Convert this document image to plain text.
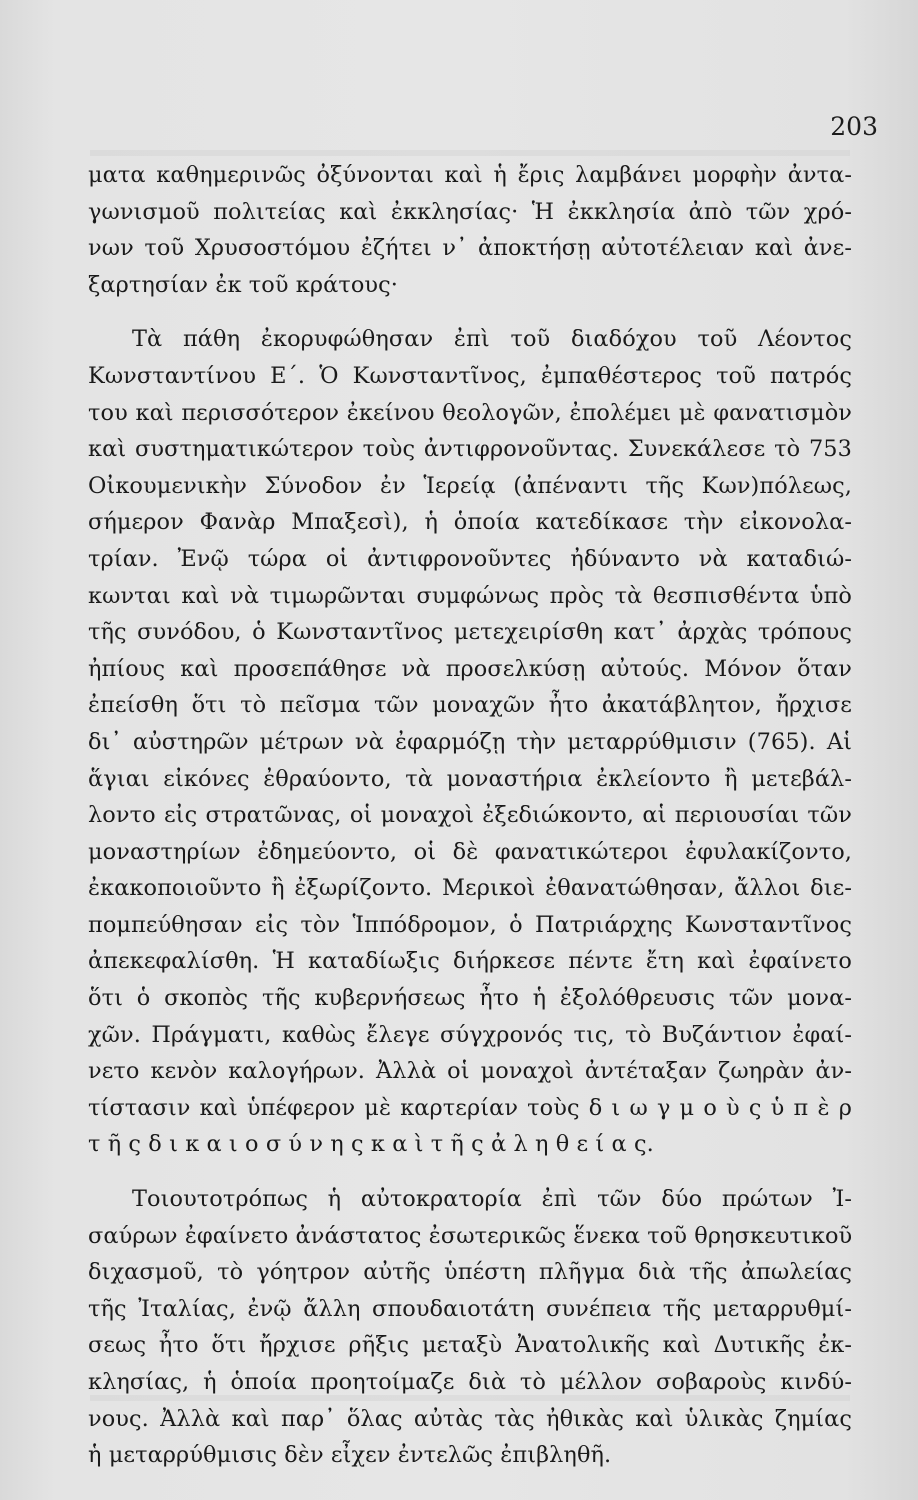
203
ματα καθημερινῶς ὀξύνονται καὶ ἡ ἔρις λαμβάνει μορφὴν ἀντα-
γωνισμοῦ πολιτείας καὶ ἐκκλησίας· Ἡ ἐκκλησία ἀπὸ τῶν χρό-
νων τοῦ Χρυσοστόμου ἐζήτει ν᾿ ἀποκτήσῃ αὐτοτέλειαν καὶ ἀνε-
ξαρτησίαν ἐκ τοῦ κράτους·
Τὰ πάθη ἐκορυφώθησαν ἐπὶ τοῦ διαδόχου τοῦ Λέοντος
Κωνσταντίνου Ε΄. Ὁ Κωνσταντῖνος, ἐμπαθέστερος τοῦ πατρός
του καὶ περισσότερον ἐκείνου θεολογῶν, ἐπολέμει μὲ φανατισμὸν
καὶ συστηματικώτερον τοὺς ἀντιφρονοῦντας. Συνεκάλεσε τὸ 753
Οἰκουμενικὴν Σύνοδον ἐν Ἱερείᾳ (ἀπέναντι τῆς Κων)πόλεως,
σήμερον Φανὰρ Μπαξεσὶ), ἡ ὁποία κατεδίκασε τὴν εἰκονολα-
τρίαν. Ἐνῷ τώρα οἱ ἀντιφρονοῦντες ἠδύναντο νὰ καταδιώ-
κωνται καὶ νὰ τιμωρῶνται συμφώνως πρὸς τὰ θεσπισθέντα ὑπὸ
τῆς συνόδου, ὁ Κωνσταντῖνος μετεχειρίσθη κατ᾿ ἀρχὰς τρόπους
ἠπίους καὶ προσεπάθησε νὰ προσελκύσῃ αὐτούς. Μόνον ὅταν
ἐπείσθη ὅτι τὸ πεῖσμα τῶν μοναχῶν ἦτο ἀκατάβλητον, ἤρχισε
δι᾿ αὐστηρῶν μέτρων νὰ ἐφαρμόζῃ τὴν μεταρρύθμισιν (765). Αἱ
ἅγιαι εἰκόνες ἐθραύοντο, τὰ μοναστήρια ἐκλείοντο ἢ μετεβάλ-
λοντο εἰς στρατῶνας, οἱ μοναχοὶ ἐξεδιώκοντο, αἱ περιουσίαι τῶν
μοναστηρίων ἐδημεύοντο, οἱ δὲ φανατικώτεροι ἐφυλακίζοντο,
ἐκακοποιοῦντο ἢ ἐξωρίζοντο. Μερικοὶ ἐθανατώθησαν, ἄλλοι διε-
πομπεύθησαν εἰς τὸν Ἱππόδρομον, ὁ Πατριάρχης Κωνσταντῖνος
ἀπεκεφαλίσθη. Ἡ καταδίωξις διήρκεσε πέντε ἔτη καὶ ἐφαίνετο
ὅτι ὁ σκοπὸς τῆς κυβερνήσεως ἦτο ἡ ἐξολόθρευσις τῶν μονα-
χῶν. Πράγματι, καθὼς ἔλεγε σύγχρονός τις, τὸ Βυζάντιον ἐφαί-
νετο κενὸν καλογήρων. Ἀλλὰ οἱ μοναχοὶ ἀντέταξαν ζωηρὰν ἀν-
τίστασιν καὶ ὑπέφερον μὲ καρτερίαν τοὺς δ ι ω γ μ ο ὺ ς ὑ π ὲ ρ
τ ῆ ς δ ι κ α ι ο σ ύ ν η ς κ α ὶ τ ῆ ς ἀ λ η θ ε ί α ς.
Τοιουτοτρόπως ἡ αὐτοκρατορία ἐπὶ τῶν δύο πρώτων Ἰ-
σαύρων ἐφαίνετο ἀνάστατος ἐσωτερικῶς ἕνεκα τοῦ θρησκευτικοῦ
διχασμοῦ, τὸ γόητρον αὐτῆς ὑπέστη πλῆγμα διὰ τῆς ἀπωλείας
τῆς Ἰταλίας, ἐνῷ ἄλλη σπουδαιοτάτη συνέπεια τῆς μεταρρυθμί-
σεως ἦτο ὅτι ἤρχισε ρῆξις μεταξὺ Ἀνατολικῆς καὶ Δυτικῆς ἐκ-
κλησίας, ἡ ὁποία προητοίμαζε διὰ τὸ μέλλον σοβαροὺς κινδύ-
νους. Ἀλλὰ καὶ παρ᾿ ὅλας αὐτὰς τὰς ἠθικὰς καὶ ὑλικὰς ζημίας
ἡ μεταρρύθμισις δὲν εἶχεν ἐντελῶς ἐπιβληθῆ.
